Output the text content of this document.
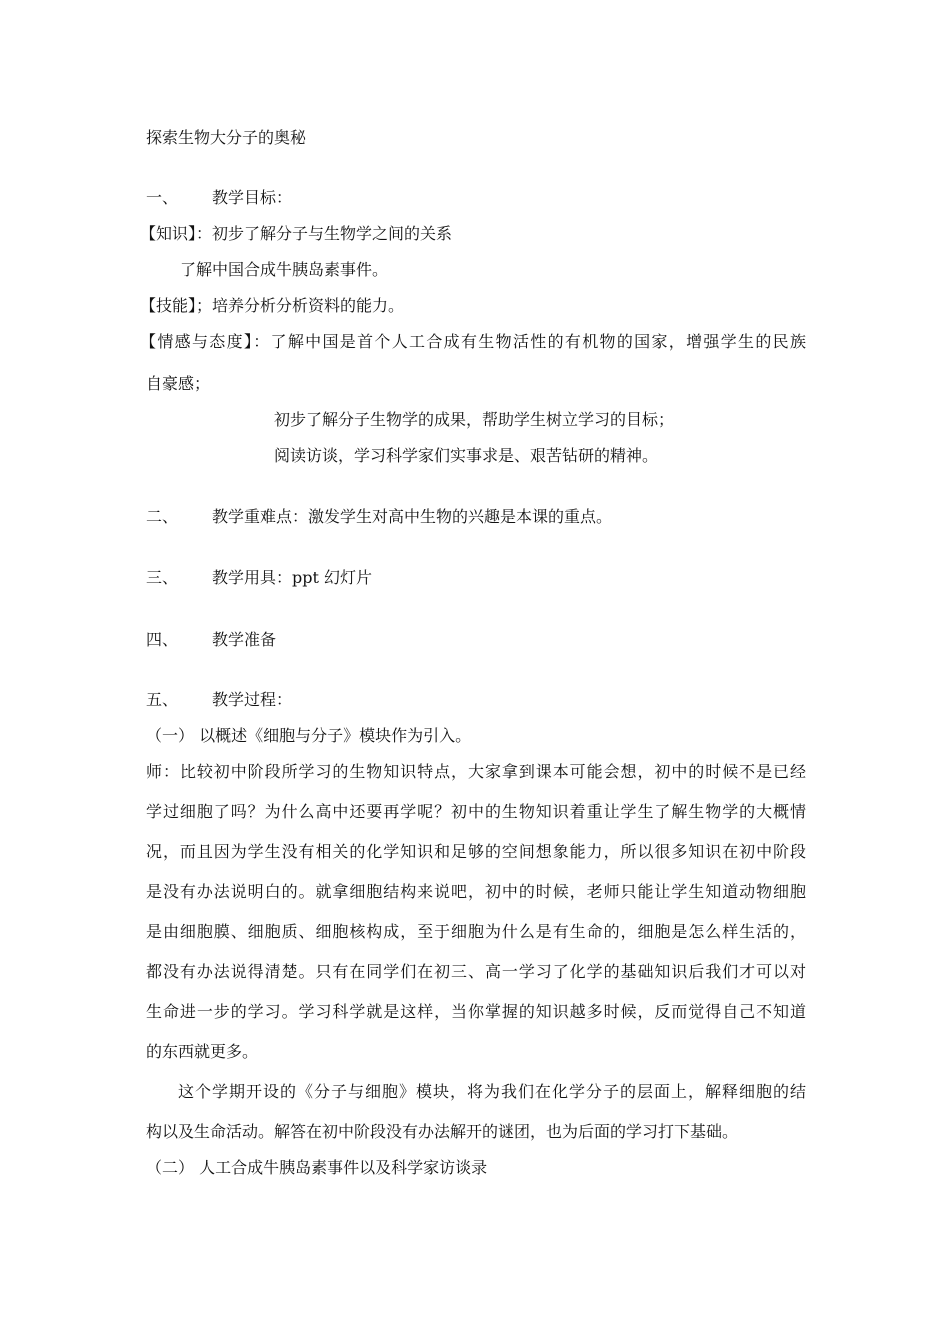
探索生物大分子的奥秘
一、 教学目标：
【知识】：初步了解分子与生物学之间的关系
了解中国合成牛胰岛素事件。
【技能】；培养分析分析资料的能力。
【情感与态度】：了解中国是首个人工合成有生物活性的有机物的国家，增强学生的民族
自豪感；
初步了解分子生物学的成果，帮助学生树立学习的目标；
阅读访谈，学习科学家们实事求是、艰苦钻研的精神。
二、 教学重难点：激发学生对高中生物的兴趣是本课的重点。
三、 教学用具：ppt 幻灯片
四、 教学准备
五、 教学过程：
（一） 以概述《细胞与分子》模块作为引入。
师：比较初中阶段所学习的生物知识特点，大家拿到课本可能会想，初中的时候不是已经
学过细胞了吗？为什么高中还要再学呢？初中的生物知识着重让学生了解生物学的大概情
况，而且因为学生没有相关的化学知识和足够的空间想象能力，所以很多知识在初中阶段
是没有办法说明白的。就拿细胞结构来说吧，初中的时候，老师只能让学生知道动物细胞
是由细胞膜、细胞质、细胞核构成，至于细胞为什么是有生命的，细胞是怎么样生活的，
都没有办法说得清楚。只有在同学们在初三、高一学习了化学的基础知识后我们才可以对
生命进一步的学习。学习科学就是这样，当你掌握的知识越多时候，反而觉得自己不知道
的东西就更多。
这个学期开设的《分子与细胞》模块，将为我们在化学分子的层面上，解释细胞的结
构以及生命活动。解答在初中阶段没有办法解开的谜团，也为后面的学习打下基础。
（二） 人工合成牛胰岛素事件以及科学家访谈录
